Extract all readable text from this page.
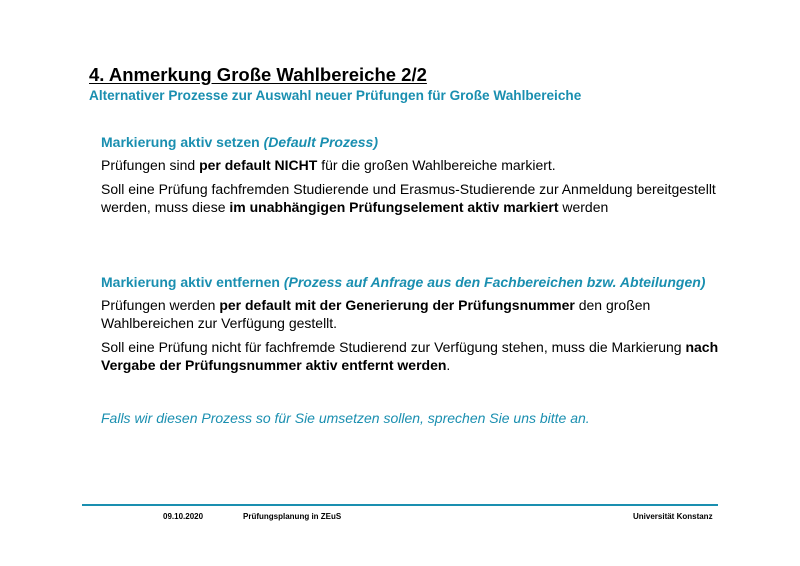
4. Anmerkung Große Wahlbereiche 2/2
Alternativer Prozesse zur Auswahl neuer Prüfungen für Große Wahlbereiche
Markierung aktiv setzen (Default Prozess)
Prüfungen sind per default NICHT für die großen Wahlbereiche markiert.
Soll eine Prüfung fachfremden Studierende und Erasmus-Studierende zur Anmeldung bereitgestellt werden, muss diese im unabhängigen Prüfungselement aktiv markiert werden
Markierung aktiv entfernen (Prozess auf Anfrage aus den Fachbereichen bzw. Abteilungen)
Prüfungen werden per default mit der Generierung der Prüfungsnummer den großen Wahlbereichen zur Verfügung gestellt.
Soll eine Prüfung nicht für fachfremde Studierend zur Verfügung stehen, muss die Markierung nach Vergabe der Prüfungsnummer aktiv entfernt werden.
Falls wir diesen Prozess so für Sie umsetzen sollen, sprechen Sie uns bitte an.
09.10.2020	Prüfungsplanung in ZEuS	Universität Konstanz
